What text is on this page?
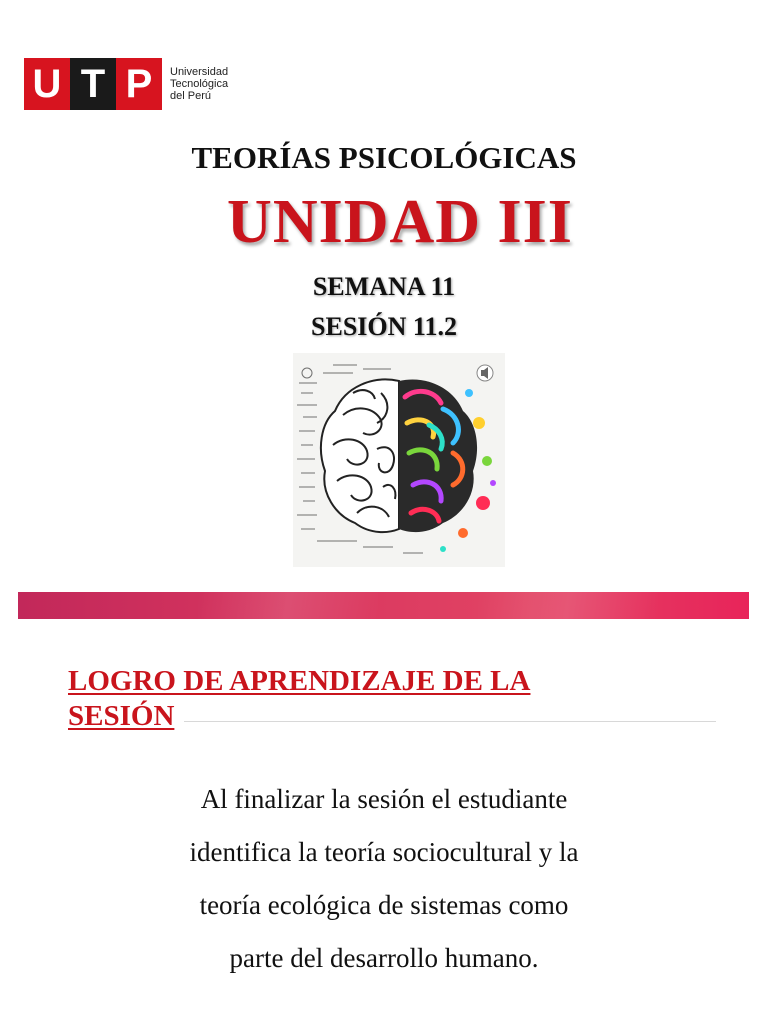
U T P	Universidad
Tecnológica
del Perú
TEORÍAS PSICOLÓGICAS
UNIDAD III
SEMANA 11
SESIÓN 11.2
LOGRO DE APRENDIZAJE DE LA
SESIÓN
Al finalizar la sesión el estudiante
identifica la teoría sociocultural y la
teoría ecológica de sistemas como
parte del desarrollo humano.
